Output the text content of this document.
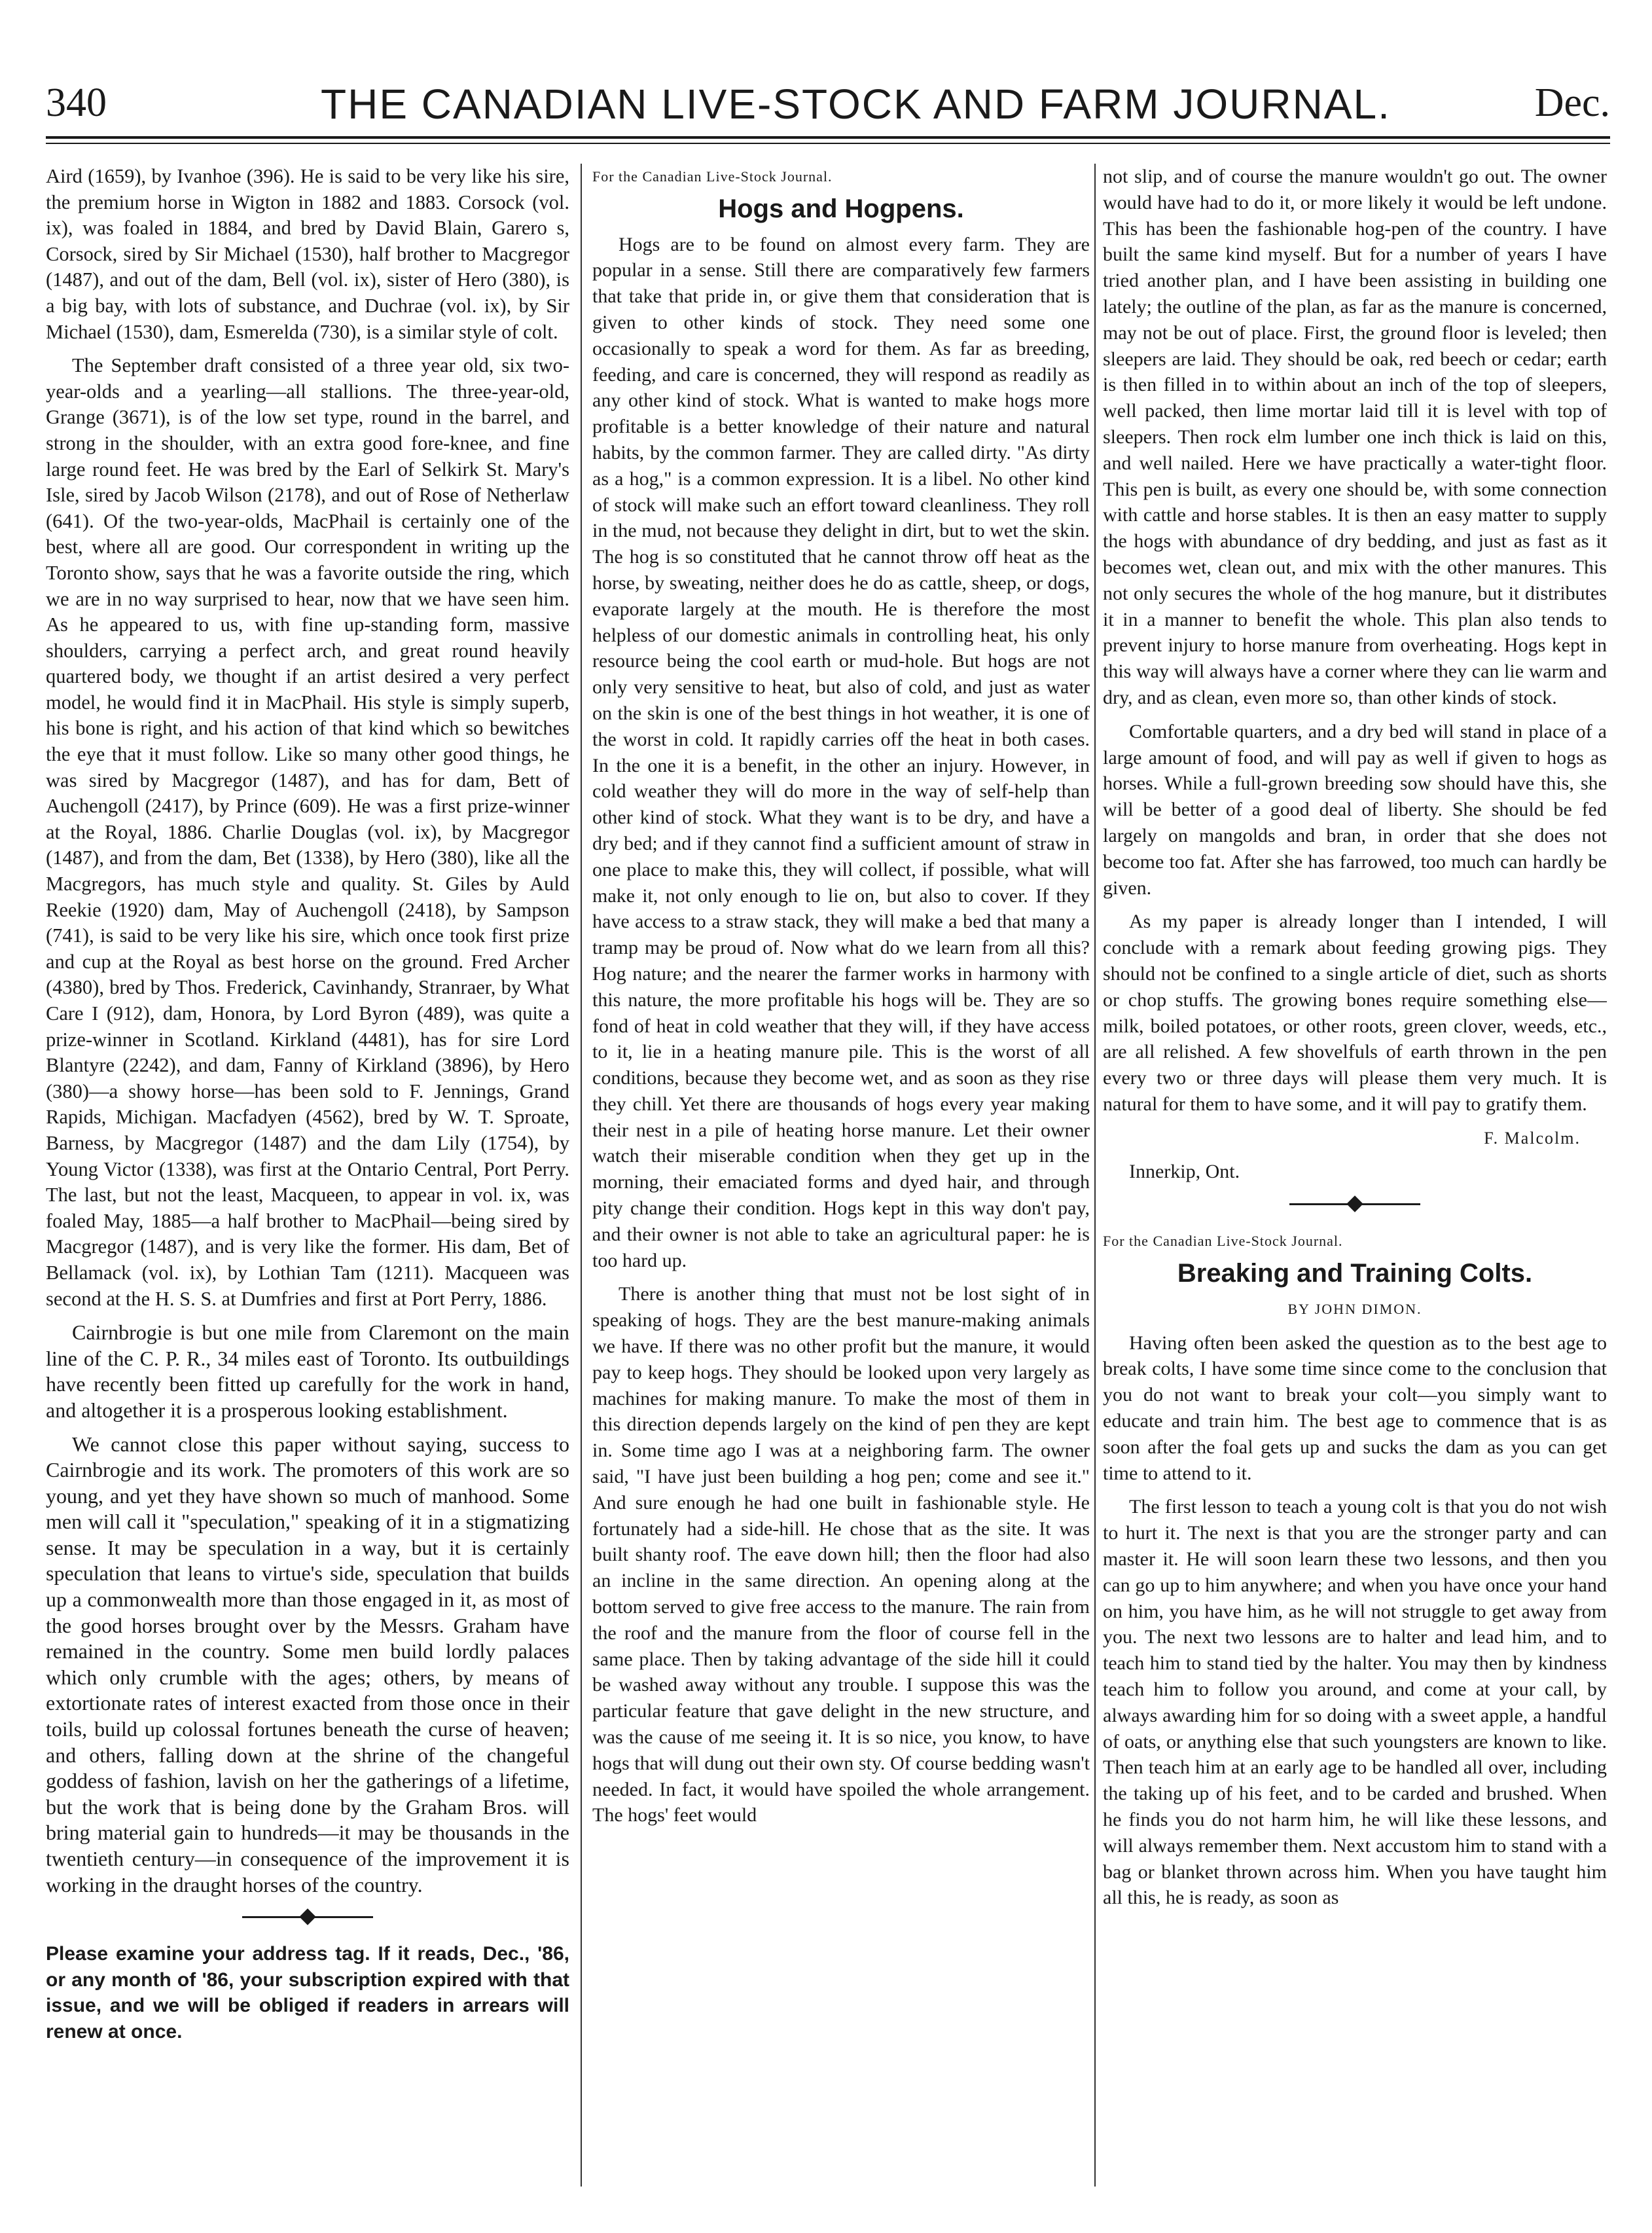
340	THE CANADIAN LIVE-STOCK AND FARM JOURNAL.	Dec.

Aird (1659), by Ivanhoe (396). He is said to be very like his sire, the premium horse in Wigton in 1882 and 1883. Corsock (vol. ix), was foaled in 1884, and bred by David Blain, Garero s, Corsock, sired by Sir Michael (1530), half brother to Macgregor (1487), and out of the dam, Bell (vol. ix), sister of Hero (380), is a big bay, with lots of substance, and Duchrae (vol. ix), by Sir Michael (1530), dam, Esmerelda (730), is a similar style of colt.

The September draft consisted of a three year old, six two-year-olds and a yearling—all stallions. The three-year-old, Grange (3671), is of the low set type, round in the barrel, and strong in the shoulder, with an extra good fore-knee, and fine large round feet. He was bred by the Earl of Selkirk St. Mary's Isle, sired by Jacob Wilson (2178), and out of Rose of Netherlaw (641). Of the two-year-olds, MacPhail is certainly one of the best, where all are good. Our correspondent in writing up the Toronto show, says that he was a favorite outside the ring, which we are in no way surprised to hear, now that we have seen him. As he appeared to us, with fine up-standing form, massive shoulders, carrying a perfect arch, and great round heavily quartered body, we thought if an artist desired a very perfect model, he would find it in MacPhail. His style is simply superb, his bone is right, and his action of that kind which so bewitches the eye that it must follow. Like so many other good things, he was sired by Macgregor (1487), and has for dam, Bett of Auchengoll (2417), by Prince (609). He was a first prize-winner at the Royal, 1886. Charlie Douglas (vol. ix), by Macgregor (1487), and from the dam, Bet (1338), by Hero (380), like all the Macgregors, has much style and quality. St. Giles by Auld Reekie (1920) dam, May of Auchengoll (2418), by Sampson (741), is said to be very like his sire, which once took first prize and cup at the Royal as best horse on the ground. Fred Archer (4380), bred by Thos. Frederick, Cavinhandy, Stranraer, by What Care I (912), dam, Honora, by Lord Byron (489), was quite a prize-winner in Scotland. Kirkland (4481), has for sire Lord Blantyre (2242), and dam, Fanny of Kirkland (3896), by Hero (380)—a showy horse—has been sold to F. Jennings, Grand Rapids, Michigan. Macfadyen (4562), bred by W. T. Sproate, Barness, by Macgregor (1487) and the dam Lily (1754), by Young Victor (1338), was first at the Ontario Central, Port Perry. The last, but not the least, Macqueen, to appear in vol. ix, was foaled May, 1885—a half brother to MacPhail—being sired by Macgregor (1487), and is very like the former. His dam, Bet of Bellamack (vol. ix), by Lothian Tam (1211). Macqueen was second at the H. S. S. at Dumfries and first at Port Perry, 1886.

Cairnbrogie is but one mile from Claremont on the main line of the C. P. R., 34 miles east of Toronto. Its outbuildings have recently been fitted up carefully for the work in hand, and altogether it is a prosperous looking establishment.

We cannot close this paper without saying, success to Cairnbrogie and its work. The promoters of this work are so young, and yet they have shown so much of manhood. Some men will call it "speculation," speaking of it in a stigmatizing sense. It may be speculation in a way, but it is certainly speculation that leans to virtue's side, speculation that builds up a commonwealth more than those engaged in it, as most of the good horses brought over by the Messrs. Graham have remained in the country. Some men build lordly palaces which only crumble with the ages; others, by means of extortionate rates of interest exacted from those once in their toils, build up colossal fortunes beneath the curse of heaven; and others, falling down at the shrine of the changeful goddess of fashion, lavish on her the gatherings of a lifetime, but the work that is being done by the Graham Bros. will bring material gain to hundreds—it may be thousands in the twentieth century—in consequence of the improvement it is working in the draught horses of the country.

Please examine your address tag. If it reads, Dec., '86, or any month of '86, your subscription expired with that issue, and we will be obliged if readers in arrears will renew at once.

For the Canadian Live-Stock Journal.

Hogs and Hogpens.

Hogs are to be found on almost every farm. They are popular in a sense. Still there are comparatively few farmers that take that pride in, or give them that consideration that is given to other kinds of stock. They need some one occasionally to speak a word for them. As far as breeding, feeding, and care is concerned, they will respond as readily as any other kind of stock. What is wanted to make hogs more profitable is a better knowledge of their nature and natural habits, by the common farmer. They are called dirty. "As dirty as a hog," is a common expression. It is a libel. No other kind of stock will make such an effort toward cleanliness. They roll in the mud, not because they delight in dirt, but to wet the skin. The hog is so constituted that he cannot throw off heat as the horse, by sweating, neither does he do as cattle, sheep, or dogs, evaporate largely at the mouth. He is therefore the most helpless of our domestic animals in controlling heat, his only resource being the cool earth or mud-hole. But hogs are not only very sensitive to heat, but also of cold, and just as water on the skin is one of the best things in hot weather, it is one of the worst in cold. It rapidly carries off the heat in both cases. In the one it is a benefit, in the other an injury. However, in cold weather they will do more in the way of self-help than other kind of stock. What they want is to be dry, and have a dry bed; and if they cannot find a sufficient amount of straw in one place to make this, they will collect, if possible, what will make it, not only enough to lie on, but also to cover. If they have access to a straw stack, they will make a bed that many a tramp may be proud of. Now what do we learn from all this? Hog nature; and the nearer the farmer works in harmony with this nature, the more profitable his hogs will be. They are so fond of heat in cold weather that they will, if they have access to it, lie in a heating manure pile. This is the worst of all conditions, because they become wet, and as soon as they rise they chill. Yet there are thousands of hogs every year making their nest in a pile of heating horse manure. Let their owner watch their miserable condition when they get up in the morning, their emaciated forms and dyed hair, and through pity change their condition. Hogs kept in this way don't pay, and their owner is not able to take an agricultural paper: he is too hard up.

There is another thing that must not be lost sight of in speaking of hogs. They are the best manure-making animals we have. If there was no other profit but the manure, it would pay to keep hogs. They should be looked upon very largely as machines for making manure. To make the most of them in this direction depends largely on the kind of pen they are kept in. Some time ago I was at a neighboring farm. The owner said, "I have just been building a hog pen; come and see it." And sure enough he had one built in fashionable style. He fortunately had a side-hill. He chose that as the site. It was built shanty roof. The eave down hill; then the floor had also an incline in the same direction. An opening along at the bottom served to give free access to the manure. The rain from the roof and the manure from the floor of course fell in the same place. Then by taking advantage of the side hill it could be washed away without any trouble. I suppose this was the particular feature that gave delight in the new structure, and was the cause of me seeing it. It is so nice, you know, to have hogs that will dung out their own sty. Of course bedding wasn't needed. In fact, it would have spoiled the whole arrangement. The hogs' feet would

not slip, and of course the manure wouldn't go out. The owner would have had to do it, or more likely it would be left undone. This has been the fashionable hog-pen of the country. I have built the same kind myself. But for a number of years I have tried another plan, and I have been assisting in building one lately; the outline of the plan, as far as the manure is concerned, may not be out of place. First, the ground floor is leveled; then sleepers are laid. They should be oak, red beech or cedar; earth is then filled in to within about an inch of the top of sleepers, well packed, then lime mortar laid till it is level with top of sleepers. Then rock elm lumber one inch thick is laid on this, and well nailed. Here we have practically a water-tight floor. This pen is built, as every one should be, with some connection with cattle and horse stables. It is then an easy matter to supply the hogs with abundance of dry bedding, and just as fast as it becomes wet, clean out, and mix with the other manures. This not only secures the whole of the hog manure, but it distributes it in a manner to benefit the whole. This plan also tends to prevent injury to horse manure from overheating. Hogs kept in this way will always have a corner where they can lie warm and dry, and as clean, even more so, than other kinds of stock.

Comfortable quarters, and a dry bed will stand in place of a large amount of food, and will pay as well if given to hogs as horses. While a full-grown breeding sow should have this, she will be better of a good deal of liberty. She should be fed largely on mangolds and bran, in order that she does not become too fat. After she has farrowed, too much can hardly be given.

As my paper is already longer than I intended, I will conclude with a remark about feeding growing pigs. They should not be confined to a single article of diet, such as shorts or chop stuffs. The growing bones require something else—milk, boiled potatoes, or other roots, green clover, weeds, etc., are all relished. A few shovelfuls of earth thrown in the pen every two or three days will please them very much. It is natural for them to have some, and it will pay to gratify them.

F. Malcolm.

Innerkip, Ont.

For the Canadian Live-Stock Journal.

Breaking and Training Colts.

BY JOHN DIMON.

Having often been asked the question as to the best age to break colts, I have some time since come to the conclusion that you do not want to break your colt—you simply want to educate and train him. The best age to commence that is as soon after the foal gets up and sucks the dam as you can get time to attend to it.

The first lesson to teach a young colt is that you do not wish to hurt it. The next is that you are the stronger party and can master it. He will soon learn these two lessons, and then you can go up to him anywhere; and when you have once your hand on him, you have him, as he will not struggle to get away from you. The next two lessons are to halter and lead him, and to teach him to stand tied by the halter. You may then by kindness teach him to follow you around, and come at your call, by always awarding him for so doing with a sweet apple, a handful of oats, or anything else that such youngsters are known to like. Then teach him at an early age to be handled all over, including the taking up of his feet, and to be carded and brushed. When he finds you do not harm him, he will like these lessons, and will always remember them. Next accustom him to stand with a bag or blanket thrown across him. When you have taught him all this, he is ready, as soon as
